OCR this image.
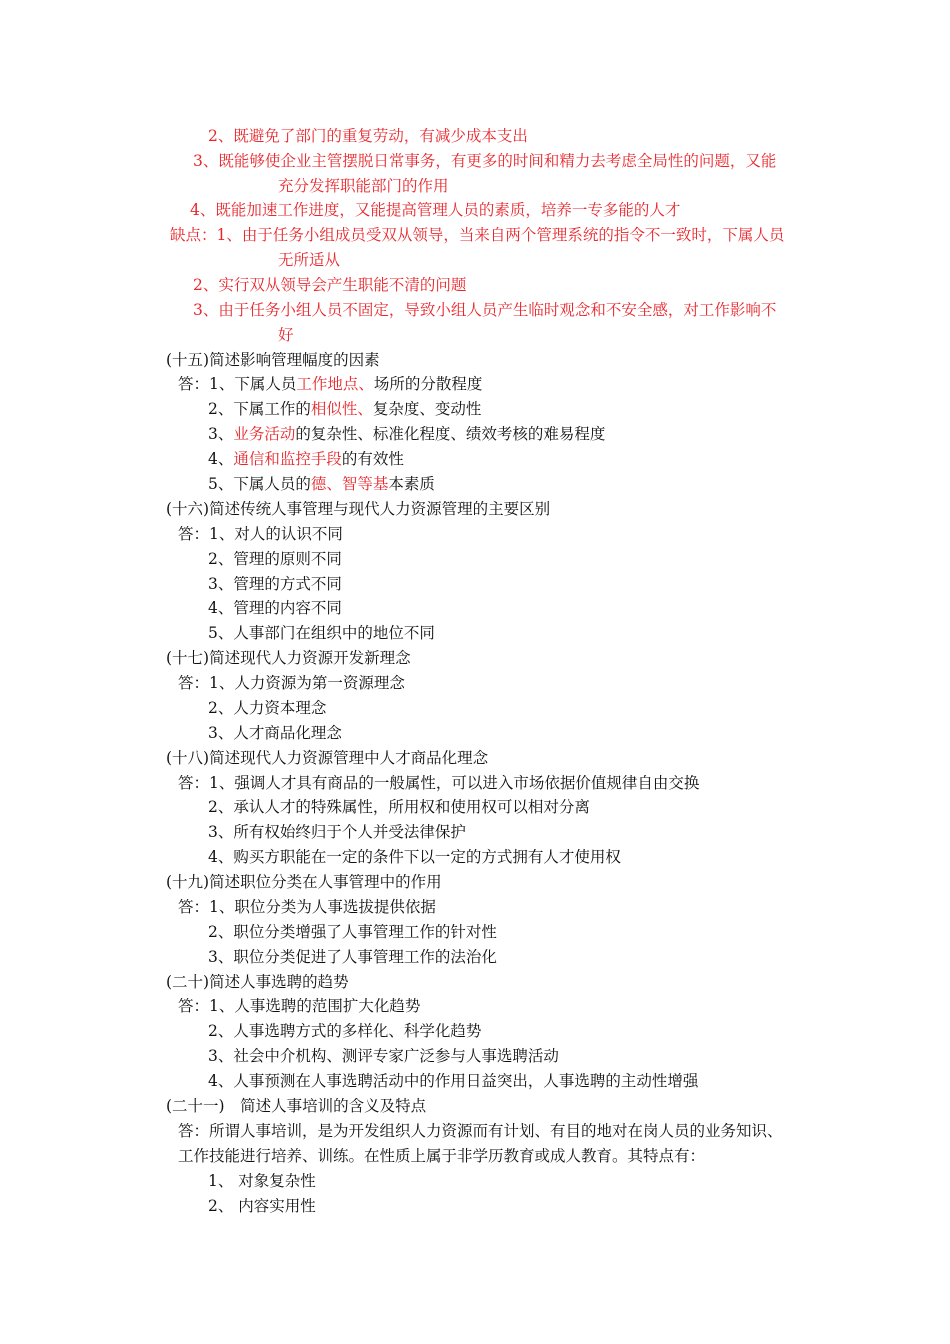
2、既避免了部门的重复劳动，有减少成本支出
3、既能够使企业主管摆脱日常事务，有更多的时间和精力去考虑全局性的问题，又能
充分发挥职能部门的作用
4、既能加速工作进度，又能提高管理人员的素质，培养一专多能的人才
缺点：1、由于任务小组成员受双从领导，当来自两个管理系统的指令不一致时，下属人员
无所适从
2、实行双从领导会产生职能不清的问题
3、由于任务小组人员不固定，导致小组人员产生临时观念和不安全感，对工作影响不
好
(十五)简述影响管理幅度的因素
答：1、下属人员工作地点、场所的分散程度
2、下属工作的相似性、复杂度、变动性
3、业务活动的复杂性、标准化程度、绩效考核的难易程度
4、通信和监控手段的有效性
5、下属人员的德、智等基本素质
(十六)简述传统人事管理与现代人力资源管理的主要区别
答：1、对人的认识不同
2、管理的原则不同
3、管理的方式不同
4、管理的内容不同
5、人事部门在组织中的地位不同
(十七)简述现代人力资源开发新理念
答：1、人力资源为第一资源理念
2、人力资本理念
3、人才商品化理念
(十八)简述现代人力资源管理中人才商品化理念
答：1、强调人才具有商品的一般属性，可以进入市场依据价值规律自由交换
2、承认人才的特殊属性，所用权和使用权可以相对分离
3、所有权始终归于个人并受法律保护
4、购买方职能在一定的条件下以一定的方式拥有人才使用权
(十九)简述职位分类在人事管理中的作用
答：1、职位分类为人事选拔提供依据
2、职位分类增强了人事管理工作的针对性
3、职位分类促进了人事管理工作的法治化
(二十)简述人事选聘的趋势
答：1、人事选聘的范围扩大化趋势
2、人事选聘方式的多样化、科学化趋势
3、社会中介机构、测评专家广泛参与人事选聘活动
4、人事预测在人事选聘活动中的作用日益突出，人事选聘的主动性增强
(二十一)　简述人事培训的含义及特点
答：所谓人事培训，是为开发组织人力资源而有计划、有目的地对在岗人员的业务知识、
工作技能进行培养、训练。在性质上属于非学历教育或成人教育。其特点有：
1、 对象复杂性
2、 内容实用性
